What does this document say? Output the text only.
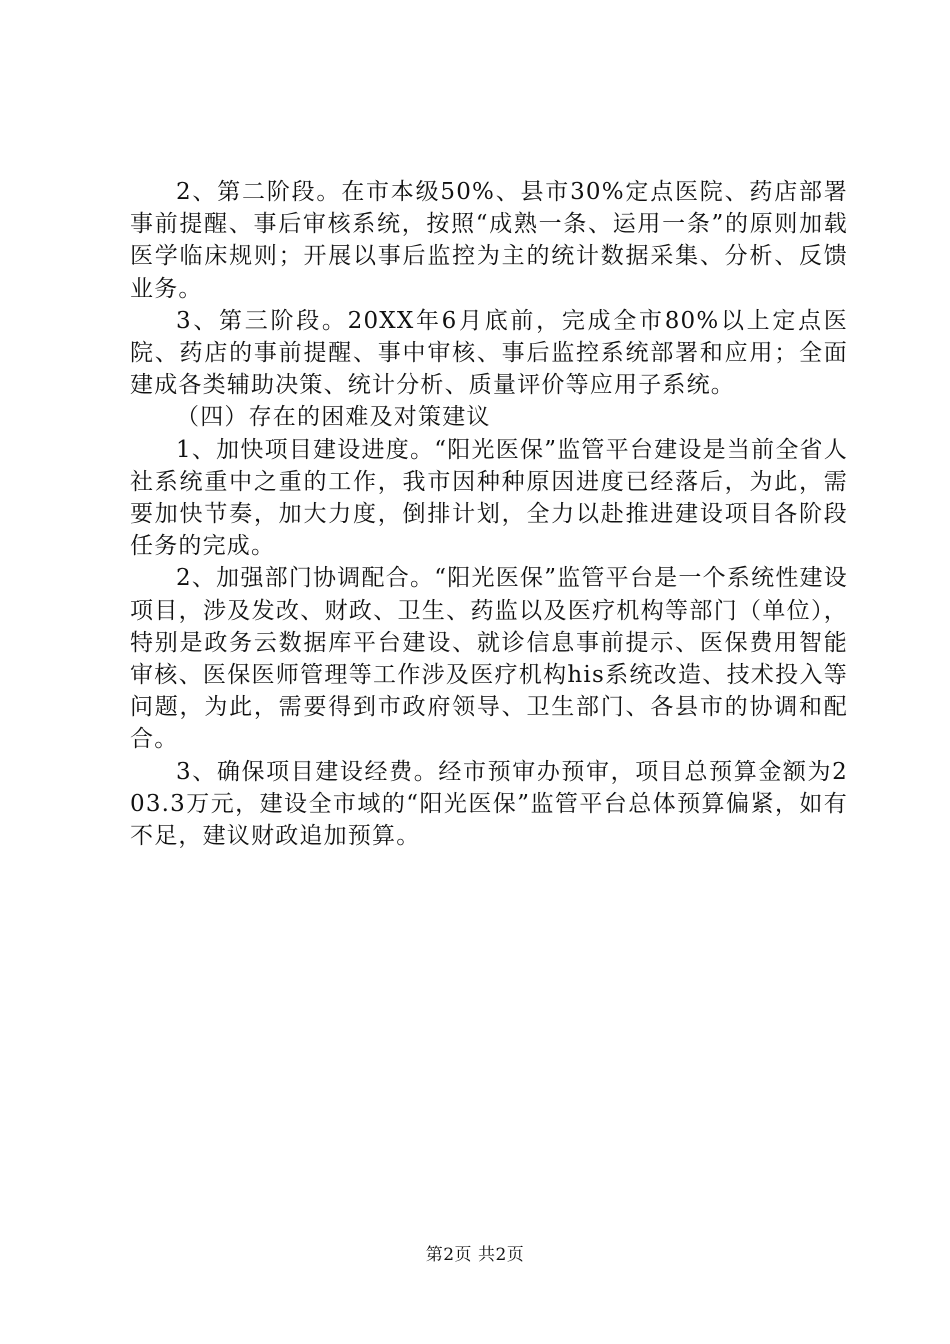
2、第二阶段。在市本级50%、县市30%定点医院、药店部署事前提醒、事后审核系统，按照“成熟一条、运用一条”的原则加载医学临床规则；开展以事后监控为主的统计数据采集、分析、反馈业务。

3、第三阶段。20XX年6月底前，完成全市80%以上定点医院、药店的事前提醒、事中审核、事后监控系统部署和应用；全面建成各类辅助决策、统计分析、质量评价等应用子系统。

（四）存在的困难及对策建议

1、加快项目建设进度。“阳光医保”监管平台建设是当前全省人社系统重中之重的工作，我市因种种原因进度已经落后，为此，需要加快节奏，加大力度，倒排计划，全力以赴推进建设项目各阶段任务的完成。

2、加强部门协调配合。“阳光医保”监管平台是一个系统性建设项目，涉及发改、财政、卫生、药监以及医疗机构等部门（单位），特别是政务云数据库平台建设、就诊信息事前提示、医保费用智能审核、医保医师管理等工作涉及医疗机构his系统改造、技术投入等问题，为此，需要得到市政府领导、卫生部门、各县市的协调和配合。

3、确保项目建设经费。经市预审办预审，项目总预算金额为203.3万元，建设全市域的“阳光医保”监管平台总体预算偏紧，如有不足，建议财政追加预算。

第2页 共2页
